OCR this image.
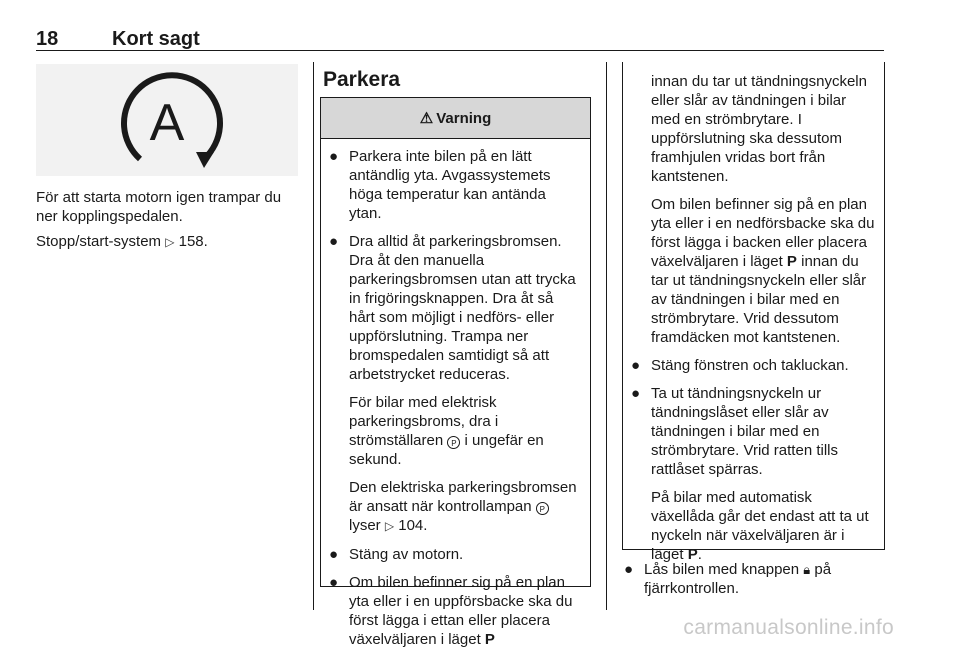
18	Kort sagt
A
För att starta motorn igen trampar du ner kopplingspedalen.
Stopp/start-system ▷ 158.
Parkera
⚠ Varning
● Parkera inte bilen på en lätt antändlig yta. Avgassystemets höga temperatur kan antända ytan.
● Dra alltid åt parkeringsbromsen. Dra åt den manuella parkeringsbromsen utan att trycka in frigöringsknappen. Dra åt så hårt som möjligt i nedförs- eller uppförslutning. Trampa ner bromspedalen samtidigt så att arbetstrycket reduceras.
För bilar med elektrisk parkeringsbroms, dra i strömställaren P i ungefär en sekund.
Den elektriska parkeringsbromsen är ansatt när kontrollampan P lyser ▷ 104.
● Stäng av motorn.
● Om bilen befinner sig på en plan yta eller i en uppförsbacke ska du först lägga i ettan eller placera växelväljaren i läget P
innan du tar ut tändningsnyckeln eller slår av tändningen i bilar med en strömbrytare. I uppförslutning ska dessutom framhjulen vridas bort från kantstenen.
Om bilen befinner sig på en plan yta eller i en nedförsbacke ska du först lägga i backen eller placera växelväljaren i läget P innan du tar ut tändningsnyckeln eller slår av tändningen i bilar med en strömbrytare. Vrid dessutom framdäcken mot kantstenen.
● Stäng fönstren och takluckan.
● Ta ut tändningsnyckeln ur tändningslåset eller slår av tändningen i bilar med en strömbrytare. Vrid ratten tills rattlåset spärras.
På bilar med automatisk växellåda går det endast att ta ut nyckeln när växelväljaren är i läget P.
● Lås bilen med knappen 🔒︎ på fjärrkontrollen.
carmanualsonline.info
